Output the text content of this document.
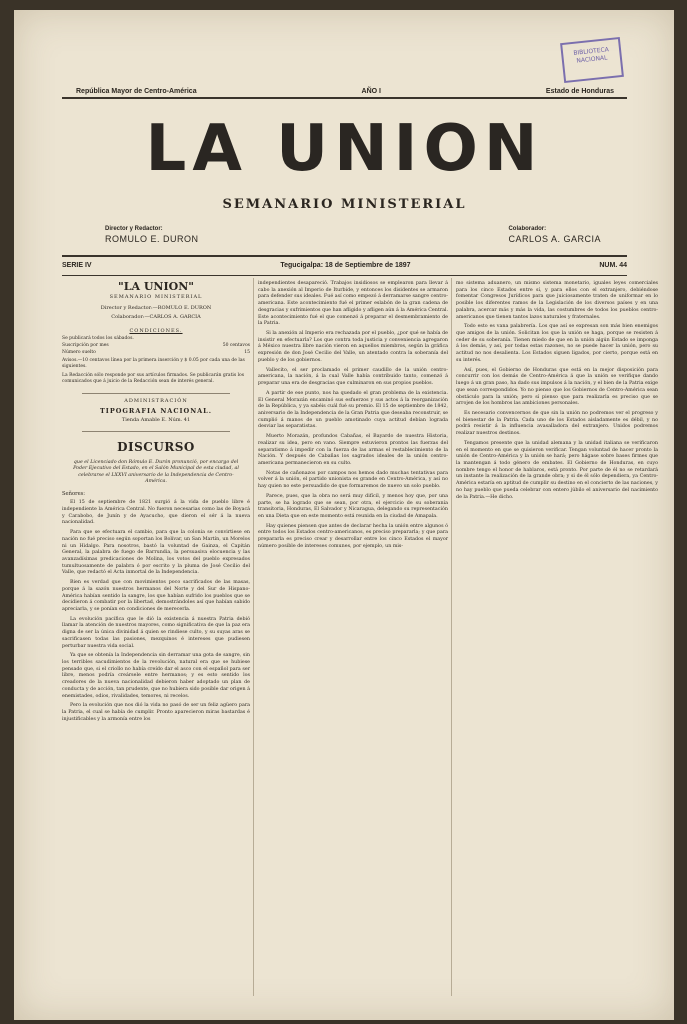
BIBLIOTECA NACIONAL
República Mayor de Centro-América	AÑO I	Estado de Honduras
LA UNION
SEMANARIO MINISTERIAL
Director y Redactor:
ROMULO E. DURON
Colaborador:
CARLOS A. GARCIA
SERIE IV	Tegucigalpa: 18 de Septiembre de 1897	NUM. 44
"LA UNION"
SEMANARIO MINISTERIAL
Director y Redactor:—ROMULO E. DURON
Colaborador:—CARLOS A. GARCIA
CONDICIONES.
Se publicará todos los sábados.
Suscripción por mes	50 centavos
Número suelto	15
Avisos.—10 centavos línea por la primera inserción y $ 0.05 por cada una de las siguientes.
La Redacción sólo responde por sus artículos firmados. Se publicarán gratis los comunicados que á juicio de la Redacción sean de interés general.
ADMINISTRACIÓN
TIPOGRAFIA NACIONAL.
Tienda Amable E. Núm. 41
DISCURSO
que el Licenciado don Rómulo E. Durón pronunció, por encargo del Poder Ejecutivo del Estado, en el Salón Municipal de esta ciudad, al celebrarse el LXXVI aniversario de la Independencia de Centro-América.
Señores:
El 15 de septiembre de 1821 surgió á la vida de pueblo libre é independiente la América Central. No fueron necesarias como las de Boyacá y Carabobo, de Junín y de Ayacucho, que dieron el sér á la nueva nacionalidad.
Para que se efectuara el cambio, para que la colonia se convirtiese en nación no fué preciso según soportan los Bolívar, un San Martín, un Morelos ni un Hidalgo. Para nosotros, bastó la voluntad de Gainza, el Capitán General, la palabra de fuego de Barrundia, la persuasiva elocuencia y las avanzadísimas predicaciones de Molina, los votos del pueblo expresados tumultuosamente de palabra ó por escrito y la pluma de José Cecilio del Valle, que redactó el Acta inmortal de la Independencia.
Bien es verdad que con movimientos poco sacrificados de las masas, porque á la sazón nuestros hermanos del Norte y del Sur de Hispano-América habían sentido la sangre, los que habían sufrido los pueblos que se decidieron á combatir por la libertad, demostrándoles así que habían sabido apreciarla, y se ponían en condiciones de merecerla.
La evolución pacífica que le dió la existencia á nuestra Patria debió llamar la atención de nuestros mayores, como significativa de que la paz era digna de ser la única divinidad á quien se rindiese culto, y su suyas aras se sacrificasen todas las pasiones, mezquinos é intereses que pudiesen perturbar nuestra vida social.
Ya que se obtenía la Independencia sin derramar una gota de sangre, sin los terribles sacudimientos de la revolución, natural era que se hubiese pensado que, si el criollo no había creído dar el asco con el español para ser libre, menos podría creársele entre hermanos; y es esto sentido los creadores de la nueva nacionalidad debieron haber adoptado un plan de conducta y de acción, tan prudente, que no hubiera sido posible dar origen á enemistades, odios, rivalidades, temores, ni recelos.
Pero la evolución que nos dió la vida no pasó de ser un feliz agüero para la Patria, el cual se había de cumplir. Pronto aparecieron miras bastardas é injustificables y la armonía entre los
independientes desapareció. Trabajos insidiosos se emplearon para llevar á cabo la anexión al Imperio de Iturbide, y entonces los disidentes se armaron para defender sus ideales. Fué así como empezó á derramarse sangre centro-americana. Este acontecimiento fué el primer eslabón de la gran cadena de desgracias y sufrimientos que han afligido y afligen aún á la América Central. Este acontecimiento fué el que comenzó á preparar el desmembramiento de la Patria.
Si la anexión al Imperio era rechazada por el pueblo, ¿por qué se había de insistir en efectuarla? Los que contra toda justicia y conveniencia agregaron á México nuestra libre nación vieron en aquellos miembros, según la gráfica expresión de don José Cecilio del Valle, un atentado contra la soberanía del pueblo y de los gobiernos.
Vallecito, el ser proclamado el primer caudillo de la unión centro-americana, la nación, á la cual Valle había contribuido tanto, comenzó á preparar una era de desgracias que culminaron en sus propios pueblos.
A partir de ese punto, nos ha quedado el gran problema de la existencia. El General Morazán encaminó sus esfuerzos y sus actos á la reorganización de la República, y ya sabéis cuál fué su premio. El 15 de septiembre de 1842, aniversario de la Independencia de la Gran Patria que deseaba reconstruir, se cumplió á manos de un pueblo amotinado cuya actitud debían lograda desviar las separatistas.
Muerto Morazán, profundos Cabañas, el Bayardo de nuestra Historia, realizar su idea, pero en vano. Siempre estuvieron prontos las fuerzas del separatismo á impedir con la fuerza de las armas el restablecimiento de la Nación. Y después de Cabañas los sagrados ideales de la unión centro-americana permanecieron en su culto.
Notas de cañonazos por campos nos hemos dado muchas tentativas para volver á la unión, el partido unionista es grande en Centro-América, y así no hay quien no este persuadido de que formaremos de nuevo un solo pueblo.
Parece, pues, que la obra no será muy difícil, y menos hoy que, por una parte, se ha logrado que se sean, por otra, el ejercicio de su soberanía transitoria, Honduras, El Salvador y Nicaragua, delegando su representación en una Dieta que en este momento está reunida en la ciudad de Amapala.
Hay quienes piensen que antes de declarar hecha la unión entre algunos ó entre todos los Estados centro-americanos, es preciso prepararla; y que para prepararla es preciso crear y desarrollar entre los cinco Estados el mayor número posible de intereses comunes, por ejemplo, un mis-
mo sistema aduanero, un mismo sistema monetario, iguales leyes comerciales para los cinco Estados entre sí, y para ellos con el extranjero, debiéndose fomentar Congresos Jurídicos para que juiciosamente traten de uniformar en lo posible los diferentes ramos de la Legislación de los diversos países y en una palabra, acercar más y más la vida, las costumbres de todos los pueblos centro-americanos que tienen tantos lazos naturales y fraternales.
Todo esto es vana palabrería. Los que así se expresan son más bien enemigos que amigos de la unión. Solicitan los que la unión se haga, porque se resisten á ceder de su soberanía. Tienen miedo de que en la unión algún Estado se imponga á los demás, y así, por todas estas razones, no se puede hacer la unión, pero su actitud no nos desalienta. Los Estados siguen ligados, por cierto, porque está en su interés.
Así, pues, el Gobierno de Honduras que está en la mejor disposición para concurrir con los demás de Centro-América á que la unión se verifique dando luego á un gran paso, ha dado sus impulsos á la nación, y el bien de la Patria exige que sean correspondidos. Yo no pienso que los Gobiernos de Centro-América sean obstáculo para la unión; pero sí pienso que para realizarla es preciso que se arrojen de los hombros las ambiciones personales.
Es necesario convencernos de que sin la unión no podremos ver el progreso y el bienestar de la Patria. Cada uno de los Estados aisladamente es débil, y no podrá resistir á la influencia avasalladora del extranjero. Unidos podremos realizar nuestros destinos.
Tengamos presente que la unidad alemana y la unidad italiana se verificaron en el momento en que se quisieron verificar. Tengan voluntad de hacer pronto la unión de Centro-América y la unión se hará; pero hágase sobre bases firmes que la mantengan á todo género de embates. El Gobierno de Honduras, en cuyo nombre tengo el honor de hablaros, está pronto. Por parte de él no se retardará un instante la realización de la grande obra; y si de él sólo dependiera, ya Centro-América estaría en aptitud de cumplir su destino en el concierto de las naciones, y no hay pueblo que pueda celebrar con entero júbilo el aniversario del nacimiento de la Patria.—He dicho.
